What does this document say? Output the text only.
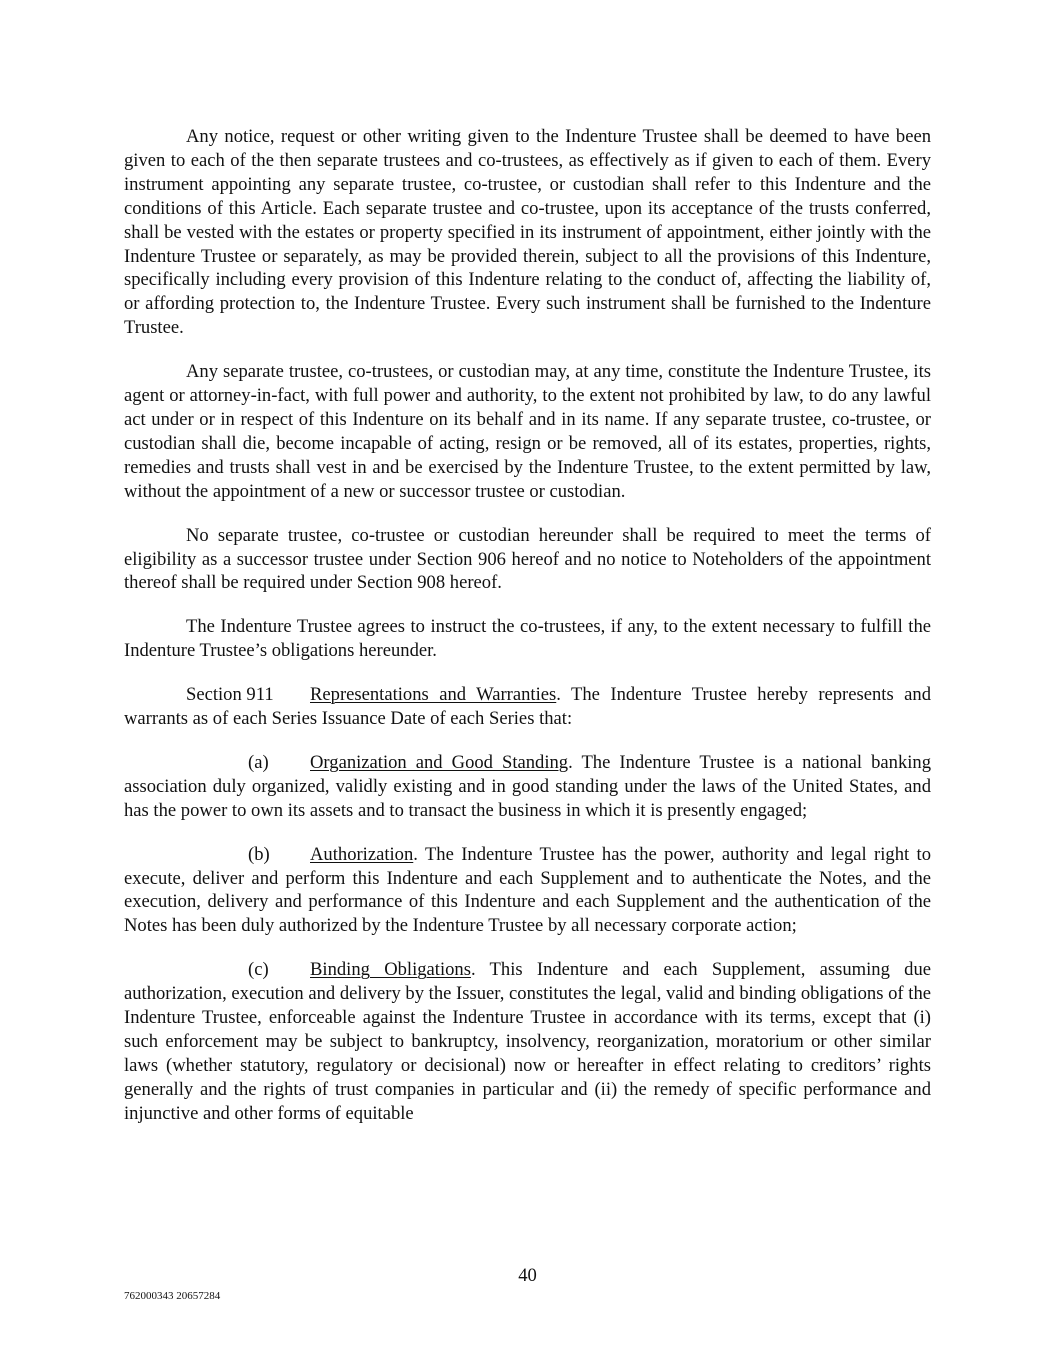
Any notice, request or other writing given to the Indenture Trustee shall be deemed to have been given to each of the then separate trustees and co-trustees, as effectively as if given to each of them. Every instrument appointing any separate trustee, co-trustee, or custodian shall refer to this Indenture and the conditions of this Article. Each separate trustee and co-trustee, upon its acceptance of the trusts conferred, shall be vested with the estates or property specified in its instrument of appointment, either jointly with the Indenture Trustee or separately, as may be provided therein, subject to all the provisions of this Indenture, specifically including every provision of this Indenture relating to the conduct of, affecting the liability of, or affording protection to, the Indenture Trustee. Every such instrument shall be furnished to the Indenture Trustee.

Any separate trustee, co-trustees, or custodian may, at any time, constitute the Indenture Trustee, its agent or attorney-in-fact, with full power and authority, to the extent not prohibited by law, to do any lawful act under or in respect of this Indenture on its behalf and in its name. If any separate trustee, co-trustee, or custodian shall die, become incapable of acting, resign or be removed, all of its estates, properties, rights, remedies and trusts shall vest in and be exercised by the Indenture Trustee, to the extent permitted by law, without the appointment of a new or successor trustee or custodian.

No separate trustee, co-trustee or custodian hereunder shall be required to meet the terms of eligibility as a successor trustee under Section 906 hereof and no notice to Noteholders of the appointment thereof shall be required under Section 908 hereof.

The Indenture Trustee agrees to instruct the co-trustees, if any, to the extent necessary to fulfill the Indenture Trustee’s obligations hereunder.

Section 911 Representations and Warranties. The Indenture Trustee hereby represents and warrants as of each Series Issuance Date of each Series that:

(a) Organization and Good Standing. The Indenture Trustee is a national banking association duly organized, validly existing and in good standing under the laws of the United States, and has the power to own its assets and to transact the business in which it is presently engaged;

(b) Authorization. The Indenture Trustee has the power, authority and legal right to execute, deliver and perform this Indenture and each Supplement and to authenticate the Notes, and the execution, delivery and performance of this Indenture and each Supplement and the authentication of the Notes has been duly authorized by the Indenture Trustee by all necessary corporate action;

(c) Binding Obligations. This Indenture and each Supplement, assuming due authorization, execution and delivery by the Issuer, constitutes the legal, valid and binding obligations of the Indenture Trustee, enforceable against the Indenture Trustee in accordance with its terms, except that (i) such enforcement may be subject to bankruptcy, insolvency, reorganization, moratorium or other similar laws (whether statutory, regulatory or decisional) now or hereafter in effect relating to creditors’ rights generally and the rights of trust companies in particular and (ii) the remedy of specific performance and injunctive and other forms of equitable

40
762000343 20657284
